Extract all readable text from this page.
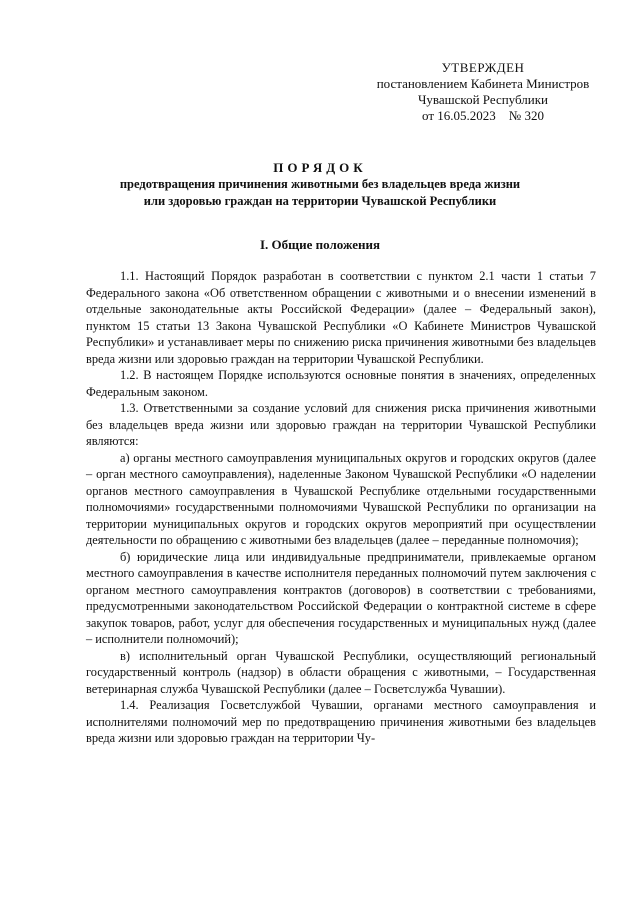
УТВЕРЖДЕН
постановлением Кабинета Министров
Чувашской Республики
от 16.05.2023    № 320
ПОРЯДОК
предотвращения причинения животными без владельцев вреда жизни
или здоровью граждан на территории Чувашской Республики
I. Общие положения

1.1. Настоящий Порядок разработан в соответствии с пунктом 2.1 части 1 статьи 7 Федерального закона «Об ответственном обращении с животными и о внесении изменений в отдельные законодательные акты Российской Федерации» (далее – Федеральный закон), пунктом 15 статьи 13 Закона Чувашской Республики «О Кабинете Министров Чувашской Республики» и устанавливает меры по снижению риска причинения животными без владельцев вреда жизни или здоровью граждан на территории Чувашской Республики.

1.2. В настоящем Порядке используются основные понятия в значениях, определенных Федеральным законом.

1.3. Ответственными за создание условий для снижения риска причинения животными без владельцев вреда жизни или здоровью граждан на территории Чувашской Республики являются:

а) органы местного самоуправления муниципальных округов и городских округов (далее – орган местного самоуправления), наделенные Законом Чувашской Республики «О наделении органов местного самоуправления в Чувашской Республике отдельными государственными полномочиями» государственными полномочиями Чувашской Республики по организации на территории муниципальных округов и городских округов мероприятий при осуществлении деятельности по обращению с животными без владельцев (далее – переданные полномочия);

б) юридические лица или индивидуальные предприниматели, привлекаемые органом местного самоуправления в качестве исполнителя переданных полномочий путем заключения с органом местного самоуправления контрактов (договоров) в соответствии с требованиями, предусмотренными законодательством Российской Федерации о контрактной системе в сфере закупок товаров, работ, услуг для обеспечения государственных и муниципальных нужд (далее – исполнители полномочий);

в) исполнительный орган Чувашской Республики, осуществляющий региональный государственный контроль (надзор) в области обращения с животными, – Государственная ветеринарная служба Чувашской Республики (далее – Госветслужба Чувашии).

1.4. Реализация Госветслужбой Чувашии, органами местного самоуправления и исполнителями полномочий мер по предотвращению причинения животными без владельцев вреда жизни или здоровью граждан на территории Чу-
